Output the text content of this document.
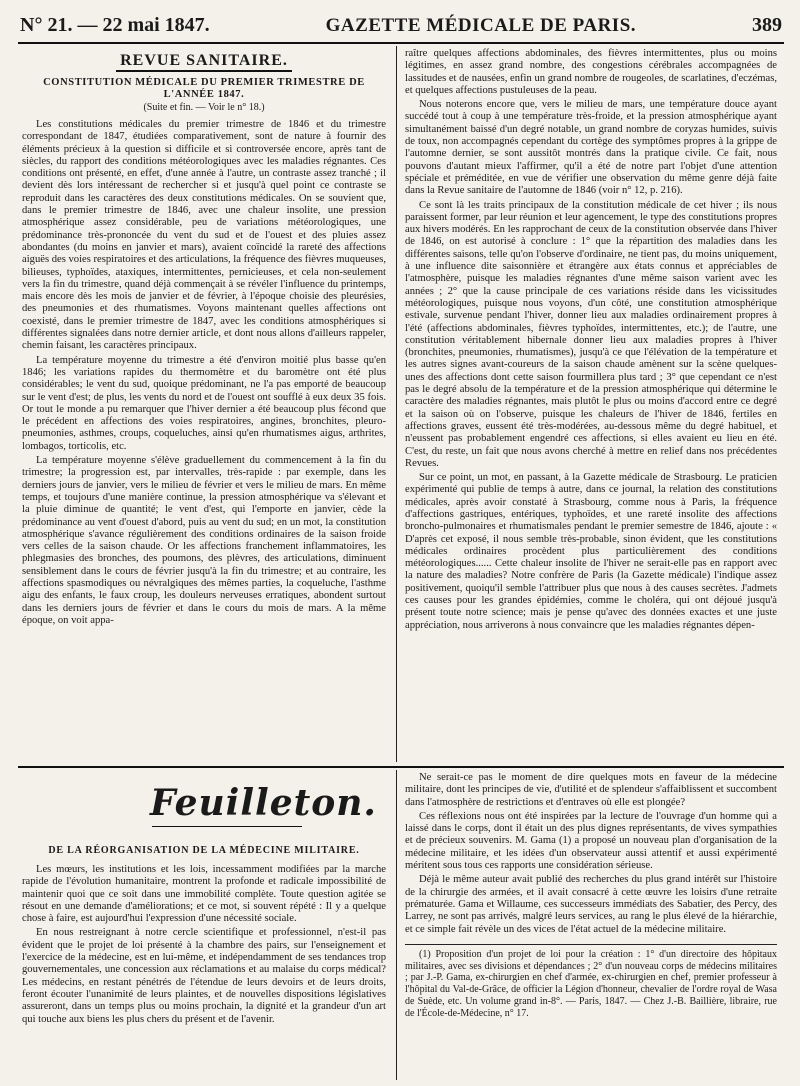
N° 21. — 22 mai 1847.	GAZETTE MÉDICALE DE PARIS.	389
REVUE SANITAIRE.
CONSTITUTION MÉDICALE DU PREMIER TRIMESTRE DE
L'ANNÉE 1847.
(Suite et fin. — Voir le n° 18.)

Les constitutions médicales du premier trimestre de 1846 et du trimestre correspondant de 1847, étudiées comparativement, sont de nature à fournir des éléments précieux à la question si difficile et si controversée encore, après tant de siècles, du rapport des conditions météorologiques avec les maladies régnantes. Ces conditions ont présenté, en effet, d'une année à l'autre, un contraste assez tranché ; il devient dès lors intéressant de rechercher si et jusqu'à quel point ce contraste se reproduit dans les caractères des deux constitutions médicales. On se souvient que, dans le premier trimestre de 1846, avec une chaleur insolite, une pression atmosphérique assez considérable, peu de variations météorologiques, une prédominance très-prononcée du vent du sud et de l'ouest et des pluies assez abondantes (du moins en janvier et mars), avaient coïncidé la rareté des affections aiguës des voies respiratoires et des articulations, la fréquence des fièvres muqueuses, bilieuses, typhoïdes, ataxiques, intermittentes, pernicieuses, et cela non-seulement vers la fin du trimestre, quand déjà commençait à se révéler l'influence du printemps, mais encore dès les mois de janvier et de février, à l'époque choisie des pleurésies, des pneumonies et des rhumatismes. Voyons maintenant quelles affections ont coexisté, dans le premier trimestre de 1847, avec les conditions atmosphériques si différentes signalées dans notre dernier article, et dont nous allons d'ailleurs rappeler, chemin faisant, les caractères principaux.

La température moyenne du trimestre a été d'environ moitié plus basse qu'en 1846; les variations rapides du thermomètre et du baromètre ont été plus considérables; le vent du sud, quoique prédominant, ne l'a pas emporté de beaucoup sur le vent d'est; de plus, les vents du nord et de l'ouest ont soufflé à eux deux 35 fois. Or tout le monde a pu remarquer que l'hiver dernier a été beaucoup plus fécond que le précédent en affections des voies respiratoires, angines, bronchites, pleuro-pneumonies, asthmes, croups, coqueluches, ainsi qu'en rhumatismes aigus, arthrites, lombagos, torticolis, etc.

La température moyenne s'élève graduellement du commencement à la fin du trimestre; la progression est, par intervalles, très-rapide : par exemple, dans les derniers jours de janvier, vers le milieu de février et vers le milieu de mars. En même temps, et toujours d'une manière continue, la pression atmosphérique va s'élevant et la pluie diminue de quantité; le vent d'est, qui l'emporte en janvier, cède la prédominance au vent d'ouest d'abord, puis au vent du sud; en un mot, la constitution atmosphérique s'avance régulièrement des conditions ordinaires de la saison froide vers celles de la saison chaude. Or les affections franchement inflammatoires, les phlegmasies des bronches, des poumons, des plèvres, des articulations, diminuent sensiblement dans le cours de février jusqu'à la fin du trimestre; et au contraire, les affections spasmodiques ou névralgiques des mêmes parties, la coqueluche, l'asthme aigu des enfants, le faux croup, les douleurs nerveuses erratiques, abondent surtout dans les derniers jours de février et dans le cours du mois de mars. A la même époque, on voit appa-

raître quelques affections abdominales, des fièvres intermittentes, plus ou moins légitimes, en assez grand nombre, des congestions cérébrales accompagnées de lassitudes et de nausées, enfin un grand nombre de rougeoles, de scarlatines, d'eczémas, et quelques affections pustuleuses de la peau.

Nous noterons encore que, vers le milieu de mars, une température douce ayant succédé tout à coup à une température très-froide, et la pression atmosphérique ayant simultanément baissé d'un degré notable, un grand nombre de coryzas humides, suivis de toux, non accompagnés cependant du cortège des symptômes propres à la grippe de l'automne dernier, se sont aussitôt montrés dans la pratique civile. Ce fait, nous pouvons d'autant mieux l'affirmer, qu'il a été de notre part l'objet d'une attention spéciale et préméditée, en vue de vérifier une observation du même genre déjà faite dans la Revue sanitaire de l'automne de 1846 (voir n° 12, p. 216).

Ce sont là les traits principaux de la constitution médicale de cet hiver ; ils nous paraissent former, par leur réunion et leur agencement, le type des constitutions propres aux hivers modérés. En les rapprochant de ceux de la constitution observée dans l'hiver de 1846, on est autorisé à conclure : 1° que la répartition des maladies dans les différentes saisons, telle qu'on l'observe d'ordinaire, ne tient pas, du moins uniquement, à une influence dite saisonnière et étrangère aux états connus et appréciables de l'atmosphère, puisque les maladies régnantes d'une même saison varient avec les années ; 2° que la cause principale de ces variations réside dans les vicissitudes météorologiques, puisque nous voyons, d'un côté, une constitution atmosphérique estivale, survenue pendant l'hiver, donner lieu aux maladies ordinairement propres à l'été (affections abdominales, fièvres typhoïdes, intermittentes, etc.); de l'autre, une constitution véritablement hibernale donner lieu aux maladies propres à l'hiver (bronchites, pneumonies, rhumatismes), jusqu'à ce que l'élévation de la température et les autres signes avant-coureurs de la saison chaude amènent sur la scène quelques-unes des affections dont cette saison fourmillera plus tard ; 3° que cependant ce n'est pas le degré absolu de la température et de la pression atmosphérique qui détermine le caractère des maladies régnantes, mais plutôt le plus ou moins d'accord entre ce degré et la saison où on l'observe, puisque les chaleurs de l'hiver de 1846, fertiles en affections graves, eussent été très-modérées, au-dessous même du degré habituel, et n'eussent pas probablement engendré ces affections, si elles avaient eu lieu en été. C'est, du reste, un fait que nous avons cherché à mettre en relief dans nos précédentes Revues.

Sur ce point, un mot, en passant, à la Gazette médicale de Strasbourg. Le praticien expérimenté qui publie de temps à autre, dans ce journal, la relation des constitutions médicales, après avoir constaté à Strasbourg, comme nous à Paris, la fréquence d'affections gastriques, entériques, typhoïdes, et une rareté insolite des affections broncho-pulmonaires et rhumatismales pendant le premier semestre de 1846, ajoute : « D'après cet exposé, il nous semble très-probable, sinon évident, que les constitutions médicales ordinaires procèdent plus particulièrement des conditions météorologiques...... Cette chaleur insolite de l'hiver ne serait-elle pas en rapport avec la nature des maladies? Notre confrère de Paris (la Gazette médicale) l'indique assez positivement, quoiqu'il semble l'attribuer plus que nous à des causes secrètes. J'admets ces causes pour les grandes épidémies, comme le choléra, qui ont déjoué jusqu'à présent toute notre science; mais je pense qu'avec des données exactes et une juste appréciation, nous arriverons à nous convaincre que les maladies régnantes dépen-

Feuilleton.
DE LA RÉORGANISATION DE LA MÉDECINE MILITAIRE.

Les mœurs, les institutions et les lois, incessamment modifiées par la marche rapide de l'évolution humanitaire, montrent la profonde et radicale impossibilité de maintenir quoi que ce soit dans une immobilité complète. Toute question agitée se résout en une demande d'améliorations; et ce mot, si souvent répété : Il y a quelque chose à faire, est aujourd'hui l'expression d'une nécessité sociale.

En nous restreignant à notre cercle scientifique et professionnel, n'est-il pas évident que le projet de loi présenté à la chambre des pairs, sur l'enseignement et l'exercice de la médecine, est en lui-même, et indépendamment de ses tendances trop gouvernementales, une concession aux réclamations et au malaise du corps médical? Les médecins, en restant pénétrés de l'étendue de leurs devoirs et de leurs droits, feront écouter l'unanimité de leurs plaintes, et de nouvelles dispositions législatives assureront, dans un temps plus ou moins prochain, la dignité et la grandeur d'un art qui touche aux biens les plus chers du présent et de l'avenir.

Ne serait-ce pas le moment de dire quelques mots en faveur de la médecine militaire, dont les principes de vie, d'utilité et de splendeur s'affaiblissent et succombent dans l'atmosphère de restrictions et d'entraves où elle est plongée?

Ces réflexions nous ont été inspirées par la lecture de l'ouvrage d'un homme qui a laissé dans le corps, dont il était un des plus dignes représentants, de vives sympathies et de précieux souvenirs. M. Gama (1) a proposé un nouveau plan d'organisation de la médecine militaire, et les idées d'un observateur aussi attentif et aussi expérimenté méritent sous tous ces rapports une considération sérieuse.

Déjà le même auteur avait publié des recherches du plus grand intérêt sur l'histoire de la chirurgie des armées, et il avait consacré à cette œuvre les loisirs d'une retraite prématurée. Gama et Willaume, ces successeurs immédiats des Sabatier, des Percy, des Larrey, ne sont pas arrivés, malgré leurs services, au rang le plus élevé de la hiérarchie, et ce simple fait révèle un des vices de l'état actuel de la médecine militaire.

(1) Proposition d'un projet de loi pour la création : 1° d'un directoire des hôpitaux militaires, avec ses divisions et dépendances ; 2° d'un nouveau corps de médecins militaires ; par J.-P. Gama, ex-chirurgien en chef d'armée, ex-chirurgien en chef, premier professeur à l'hôpital du Val-de-Grâce, de officier la Légion d'honneur, chevalier de l'ordre royal de Wasa de Suède, etc. Un volume grand in-8°. — Paris, 1847. — Chez J.-B. Baillière, libraire, rue de l'École-de-Médecine, n° 17.
